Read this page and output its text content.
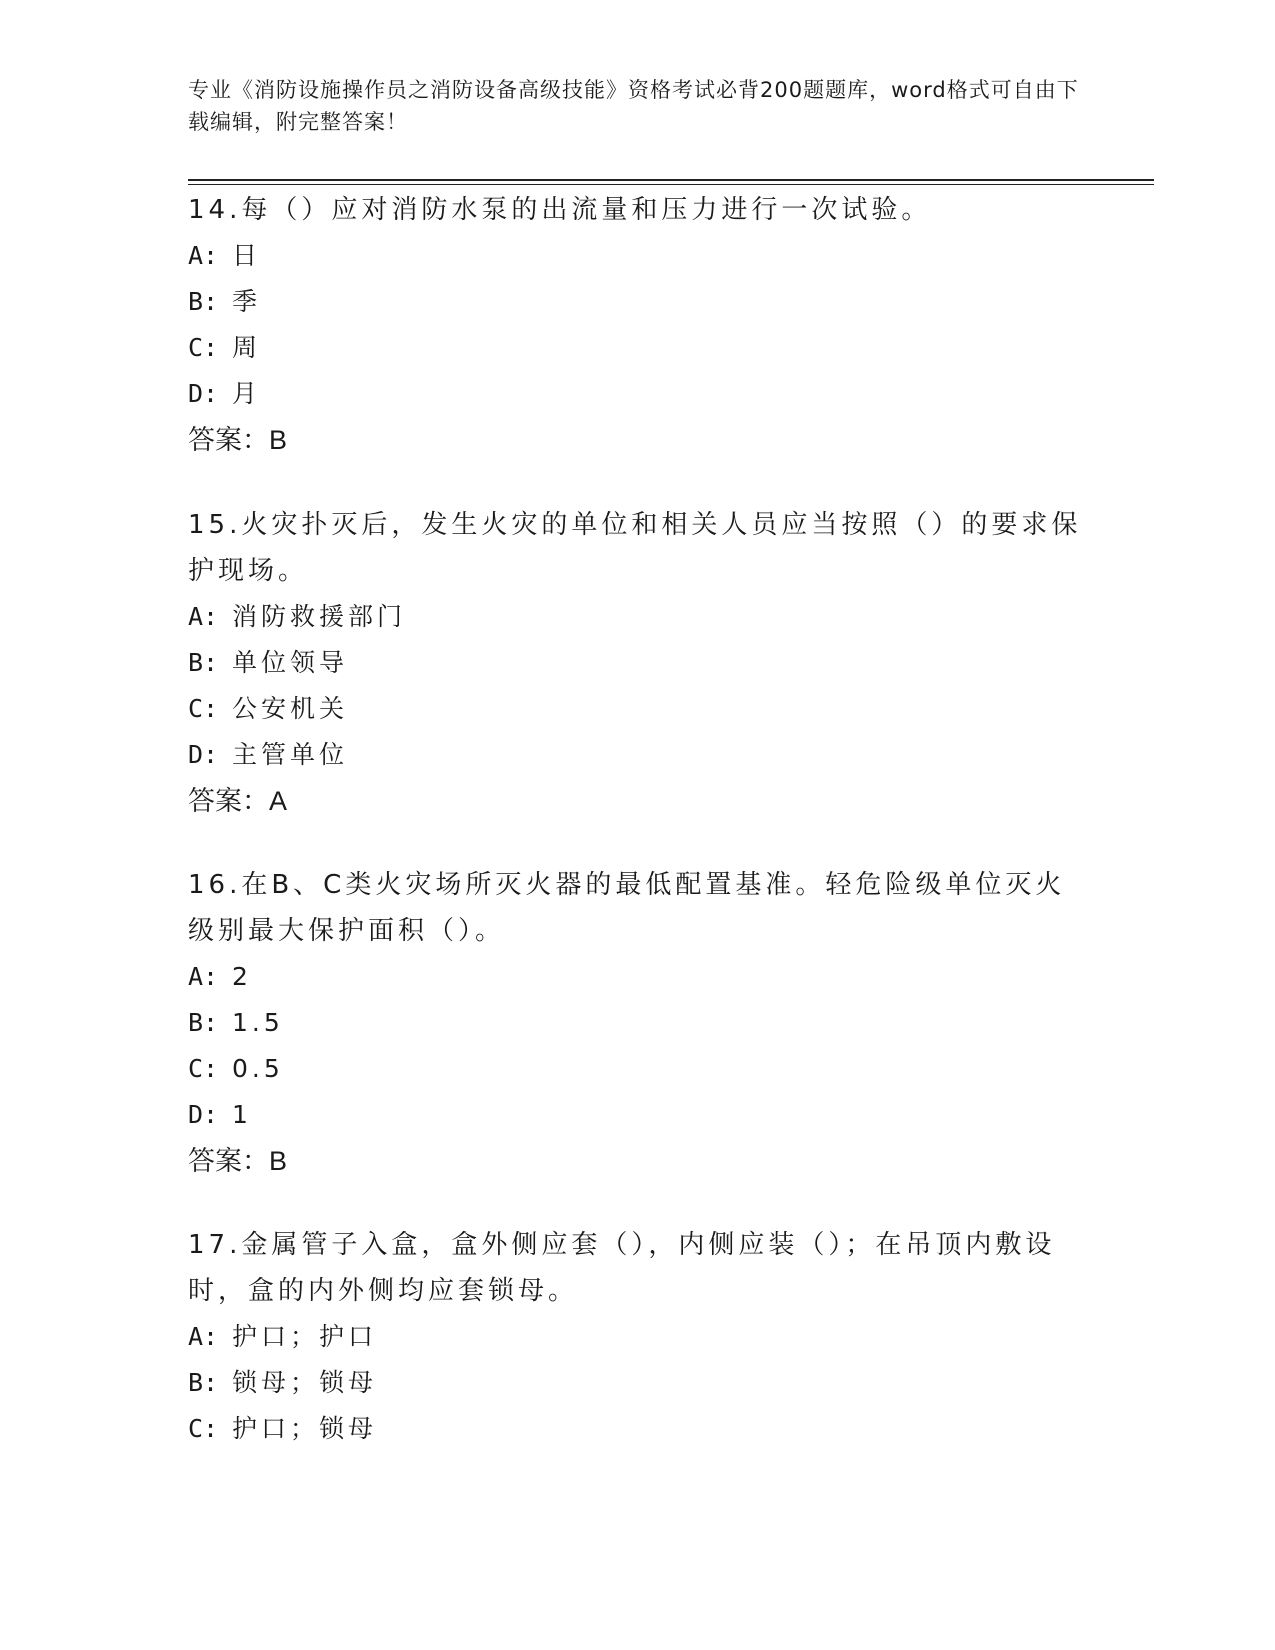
专业《消防设施操作员之消防设备高级技能》资格考试必背200题题库，word格式可自由下载编辑，附完整答案！
14.每（）应对消防水泵的出流量和压力进行一次试验。
A: 日
B: 季
C: 周
D: 月
答案：B
15.火灾扑灭后，发生火灾的单位和相关人员应当按照（）的要求保护现场。
A: 消防救援部门
B: 单位领导
C: 公安机关
D: 主管单位
答案：A
16.在B、C类火灾场所灭火器的最低配置基准。轻危险级单位灭火级别最大保护面积（）。
A: 2
B: 1.5
C: 0.5
D: 1
答案：B
17.金属管子入盒，盒外侧应套（），内侧应装（）；在吊顶内敷设时，盒的内外侧均应套锁母。
A: 护口；护口
B: 锁母；锁母
C: 护口；锁母
